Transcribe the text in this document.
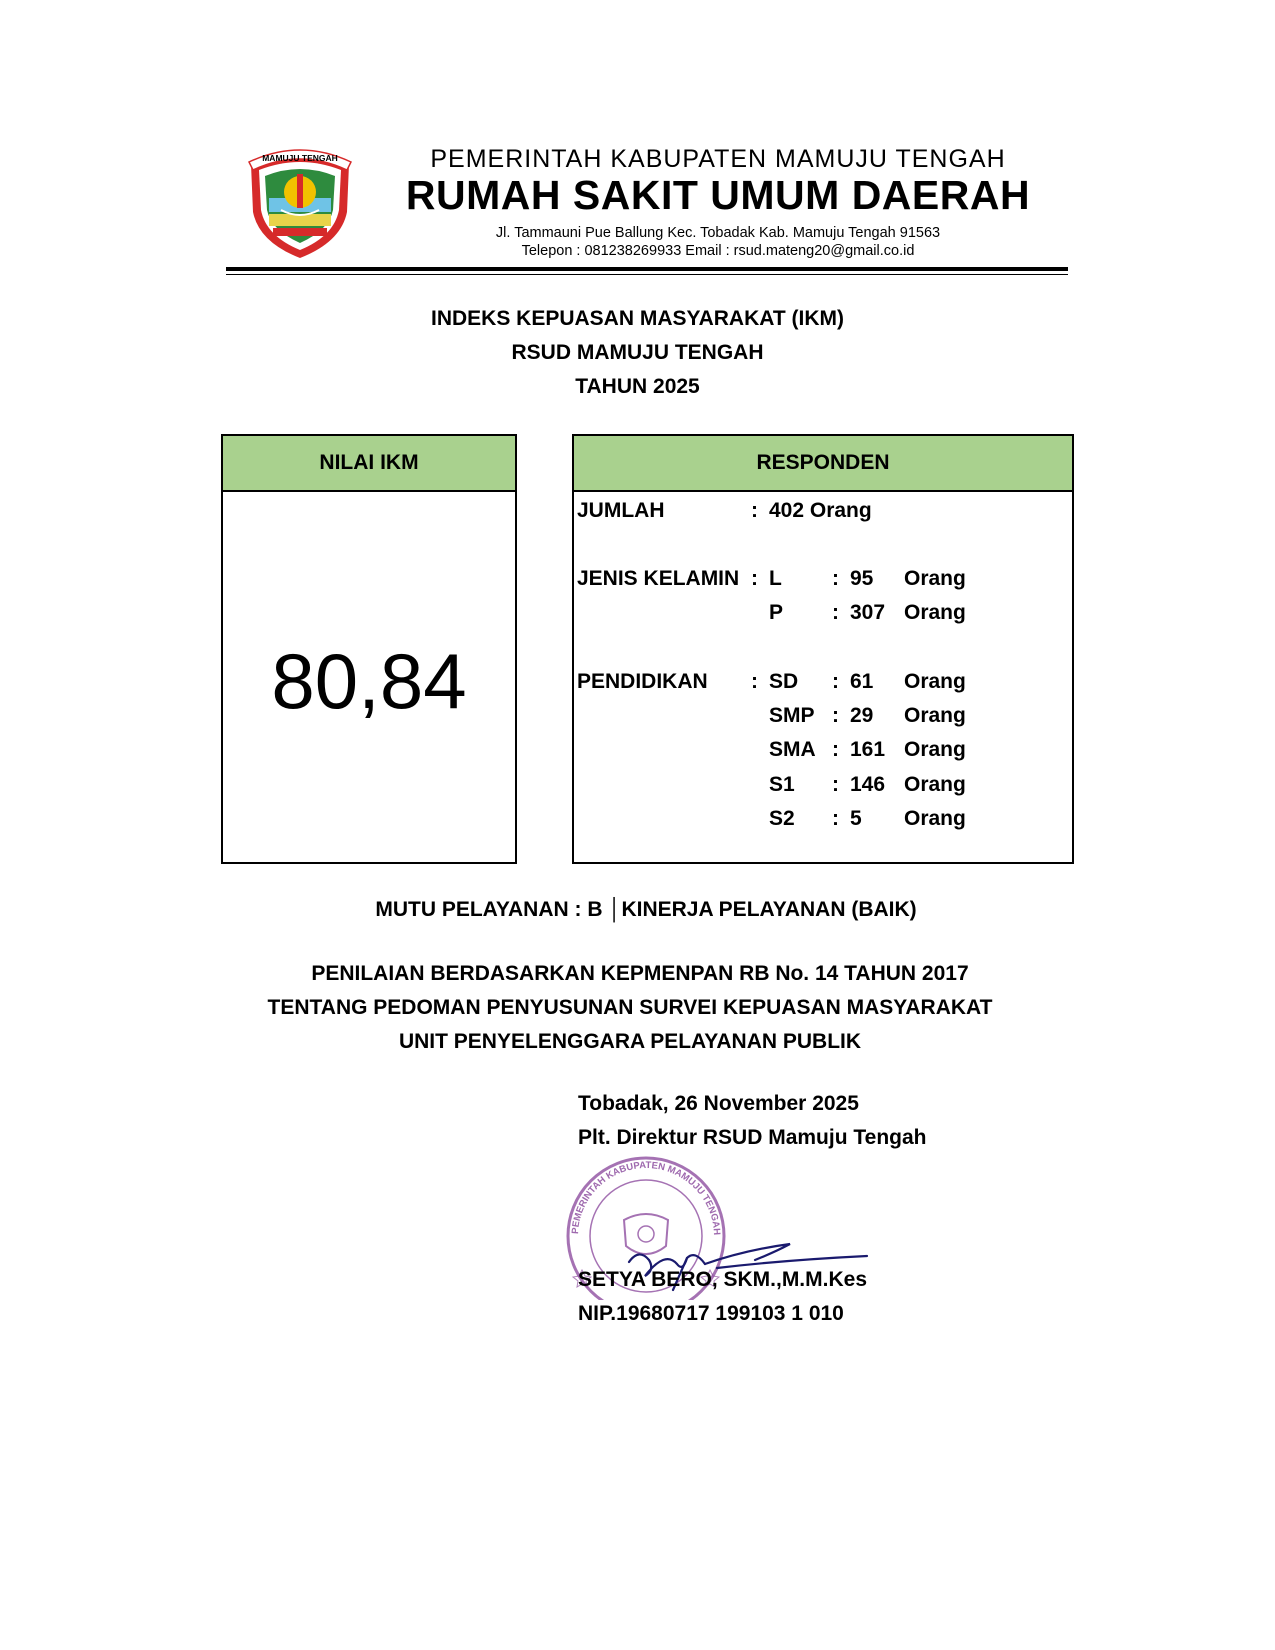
MAMUJU TENGAH	PEMERINTAH KABUPATEN MAMUJU TENGAH
RUMAH SAKIT UMUM DAERAH
Jl. Tammauni Pue Ballung Kec. Tobadak Kab. Mamuju Tengah 91563
Telepon : 081238269933 Email : rsud.mateng20@gmail.co.id
INDEKS KEPUASAN MASYARAKAT (IKM)
RSUD MAMUJU TENGAH
TAHUN 2025
NILAI IKM
80,84
RESPONDEN
JUMLAH	: 402 Orang
JENIS KELAMIN : L : 95 Orang
P : 307 Orang
PENDIDIKAN : SD : 61 Orang
SMP : 29 Orang
SMA : 161 Orang
S1 : 146 Orang
S2 : 5 Orang
MUTU PELAYANAN : B │KINERJA PELAYANAN (BAIK)
PENILAIAN BERDASARKAN KEPMENPAN RB No. 14 TAHUN 2017
TENTANG PEDOMAN PENYUSUNAN SURVEI KEPUASAN MASYARAKAT
UNIT PENYELENGGARA PELAYANAN PUBLIK
Tobadak, 26 November 2025
Plt. Direktur RSUD Mamuju Tengah
PEMERINTAH KABUPATEN MAMUJU TENGAH
SETYA BERO, SKM.,M.M.Kes
NIP.19680717 199103 1 010
